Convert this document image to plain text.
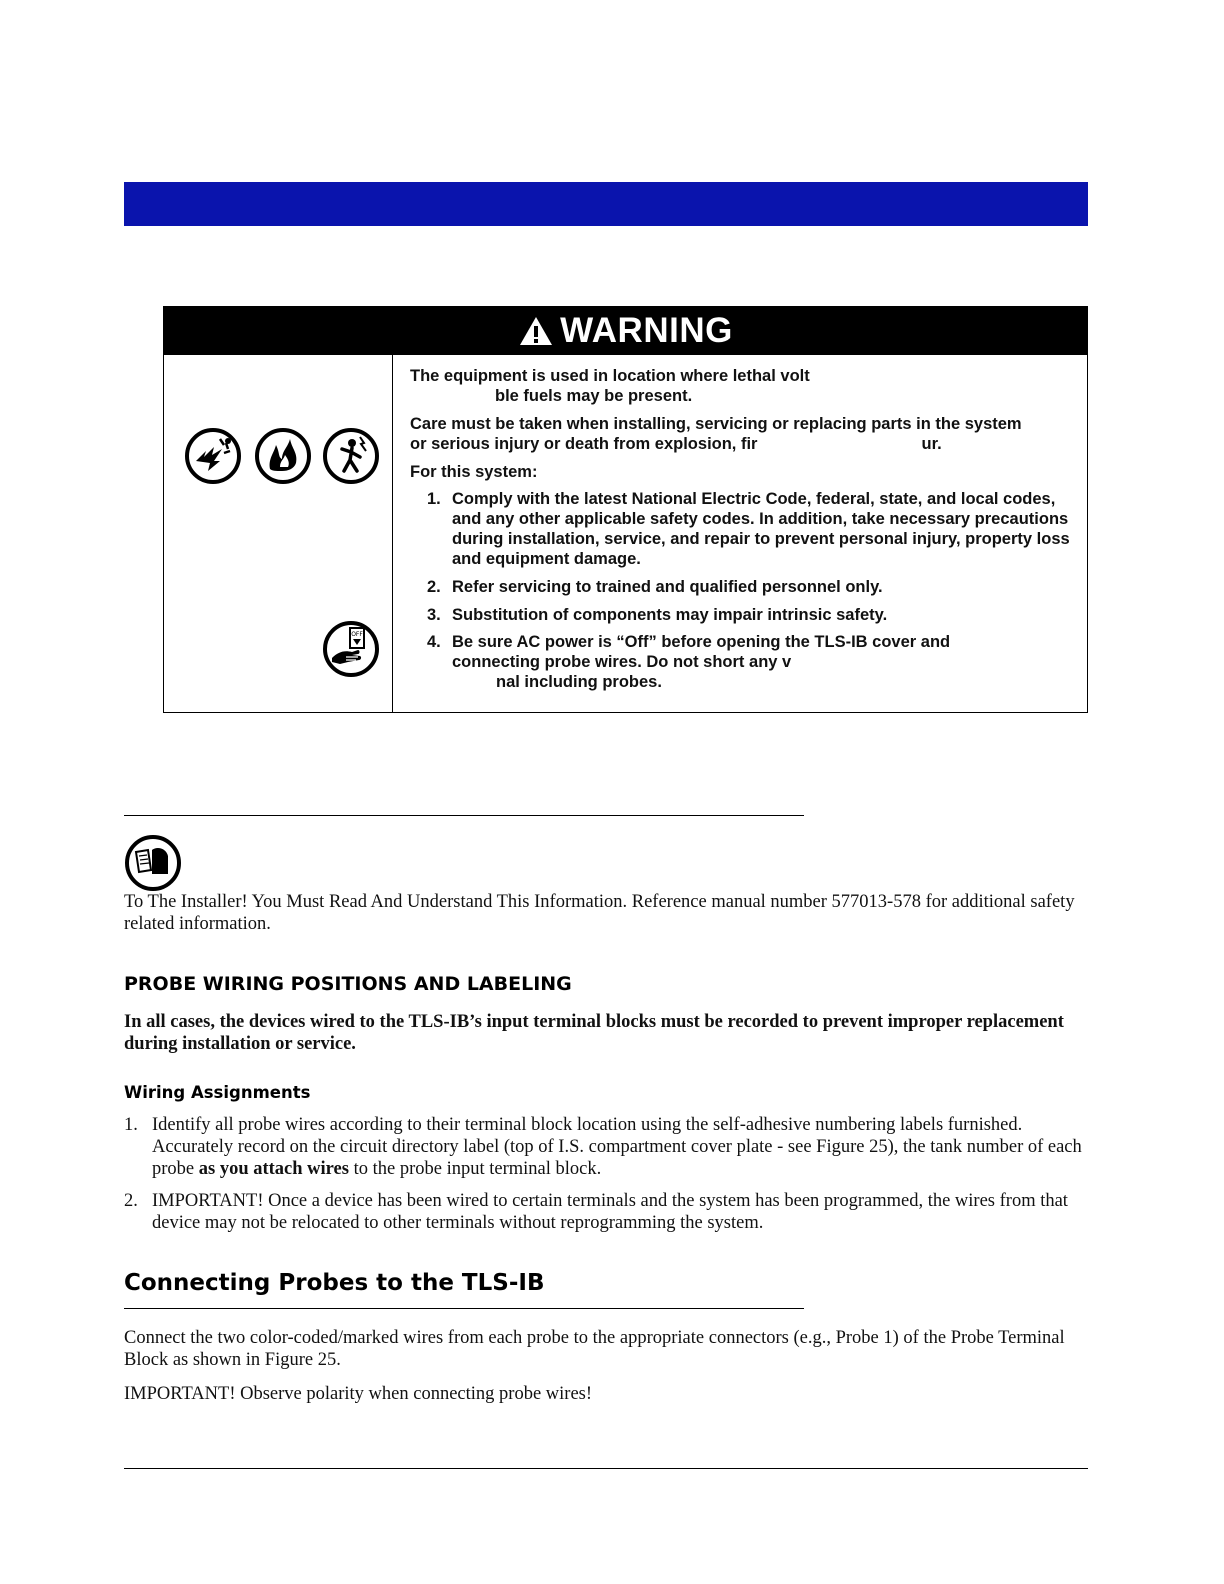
WARNING
OFF

The equipment is used in location where lethal volt

ble fuels may be present.

Care must be taken when installing, servicing or replacing parts in the system

or serious injury or death from explosion, fir	ur.

For this system:

1. Comply with the latest National Electric Code, federal, state, and local codes, and any other applicable safety codes. In addition, take necessary precautions during installation, service, and repair to prevent personal injury, property loss and equipment damage.
2. Refer servicing to trained and qualified personnel only.
3. Substitution of components may impair intrinsic safety.
4. Be sure AC power is “Off” before opening the TLS-IB cover and
connecting probe wires. Do not short any v
nal including probes.
To The Installer! You Must Read And Understand This Information. Reference manual number 577013-578 for additional safety related information.
PROBE WIRING POSITIONS AND LABELING
In all cases, the devices wired to the TLS-IB’s input terminal blocks must be recorded to prevent improper replacement during installation or service.
Wiring Assignments
1. Identify all probe wires according to their terminal block location using the self-adhesive numbering labels furnished. Accurately record on the circuit directory label (top of I.S. compartment cover plate - see Figure 25), the tank number of each probe as you attach wires to the probe input terminal block.
2. IMPORTANT! Once a device has been wired to certain terminals and the system has been programmed, the wires from that device may not be relocated to other terminals without reprogramming the system.
Connecting Probes to the TLS-IB
Connect the two color-coded/marked wires from each probe to the appropriate connectors (e.g., Probe 1) of the Probe Terminal Block as shown in Figure 25.
IMPORTANT! Observe polarity when connecting probe wires!
